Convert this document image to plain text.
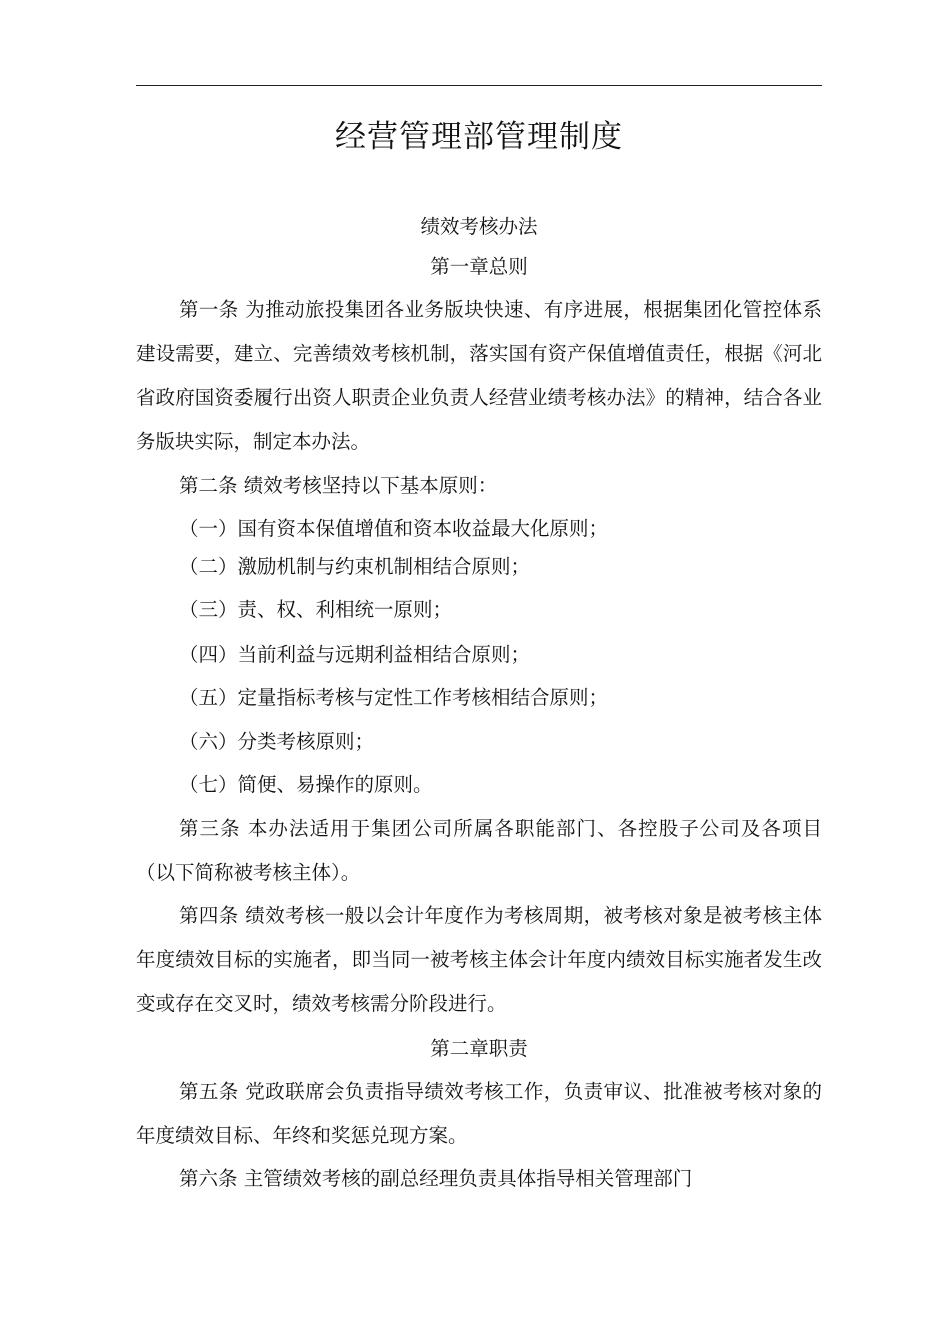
经营管理部管理制度
绩效考核办法
第一章总则

第一条 为推动旅投集团各业务版块快速、有序进展，根据集团化管控体系建设需要，建立、完善绩效考核机制，落实国有资产保值增值责任，根据《河北省政府国资委履行出资人职责企业负责人经营业绩考核办法》的精神，结合各业务版块实际，制定本办法。

第二条 绩效考核坚持以下基本原则：

（一）国有资本保值增值和资本收益最大化原则；

（二）激励机制与约束机制相结合原则；

（三）责、权、利相统一原则；

（四）当前利益与远期利益相结合原则；

（五）定量指标考核与定性工作考核相结合原则；

（六）分类考核原则；

（七）简便、易操作的原则。

第三条 本办法适用于集团公司所属各职能部门、各控股子公司及各项目（以下简称被考核主体）。

第四条 绩效考核一般以会计年度作为考核周期，被考核对象是被考核主体年度绩效目标的实施者，即当同一被考核主体会计年度内绩效目标实施者发生改变或存在交叉时，绩效考核需分阶段进行。

第二章职责

第五条 党政联席会负责指导绩效考核工作，负责审议、批准被考核对象的年度绩效目标、年终和奖惩兑现方案。

第六条 主管绩效考核的副总经理负责具体指导相关管理部门
